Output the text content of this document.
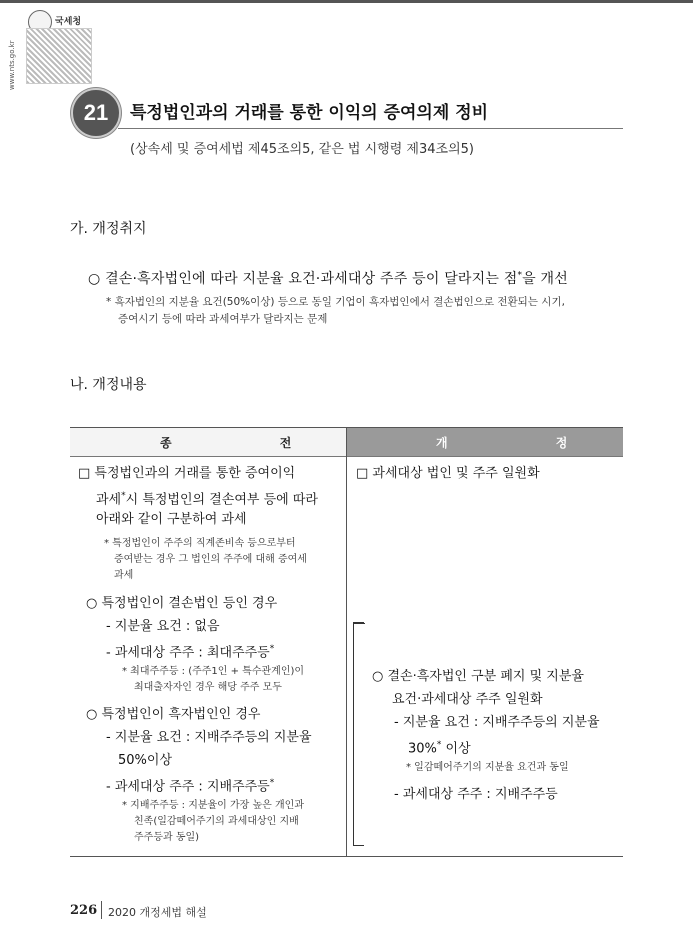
국세청
www.nts.go.kr
21	특정법인과의 거래를 통한 이익의 증여의제 정비
(상속세 및 증여세법 제45조의5, 같은 법 시행령 제34조의5)
가. 개정취지
○ 결손·흑자법인에 따라 지분율 요건·과세대상 주주 등이 달라지는 점*을 개선
* 흑자법인의 지분율 요건(50%이상) 등으로 동일 기업이 흑자법인에서 결손법인으로 전환되는 시기,
증여시기 등에 따라 과세여부가 달라지는 문제
나. 개정내용
종 전	개 정
□ 특정법인과의 거래를 통한 증여이익
과세*시 특정법인의 결손여부 등에 따라
아래와 같이 구분하여 과세
* 특정법인이 주주의 직계존비속 등으로부터
증여받는 경우 그 법인의 주주에 대해 증여세
과세
○ 특정법인이 결손법인 등인 경우
- 지분율 요건 : 없음
- 과세대상 주주 : 최대주주등*
* 최대주주등 : (주주1인 + 특수관계인)이
최대출자자인 경우 해당 주주 모두
○ 특정법인이 흑자법인인 경우
- 지분율 요건 : 지배주주등의 지분율
50%이상
- 과세대상 주주 : 지배주주등*
* 지배주주등 : 지분율이 가장 높은 개인과
친족(일감떼어주기의 과세대상인 지배
주주등과 동일)
□ 과세대상 법인 및 주주 일원화
○ 결손·흑자법인 구분 폐지 및 지분율
요건·과세대상 주주 일원화
- 지분율 요건 : 지배주주등의 지분율
30%* 이상
* 일감떼어주기의 지분율 요건과 동일
- 과세대상 주주 : 지배주주등
226 2020 개정세법 해설
